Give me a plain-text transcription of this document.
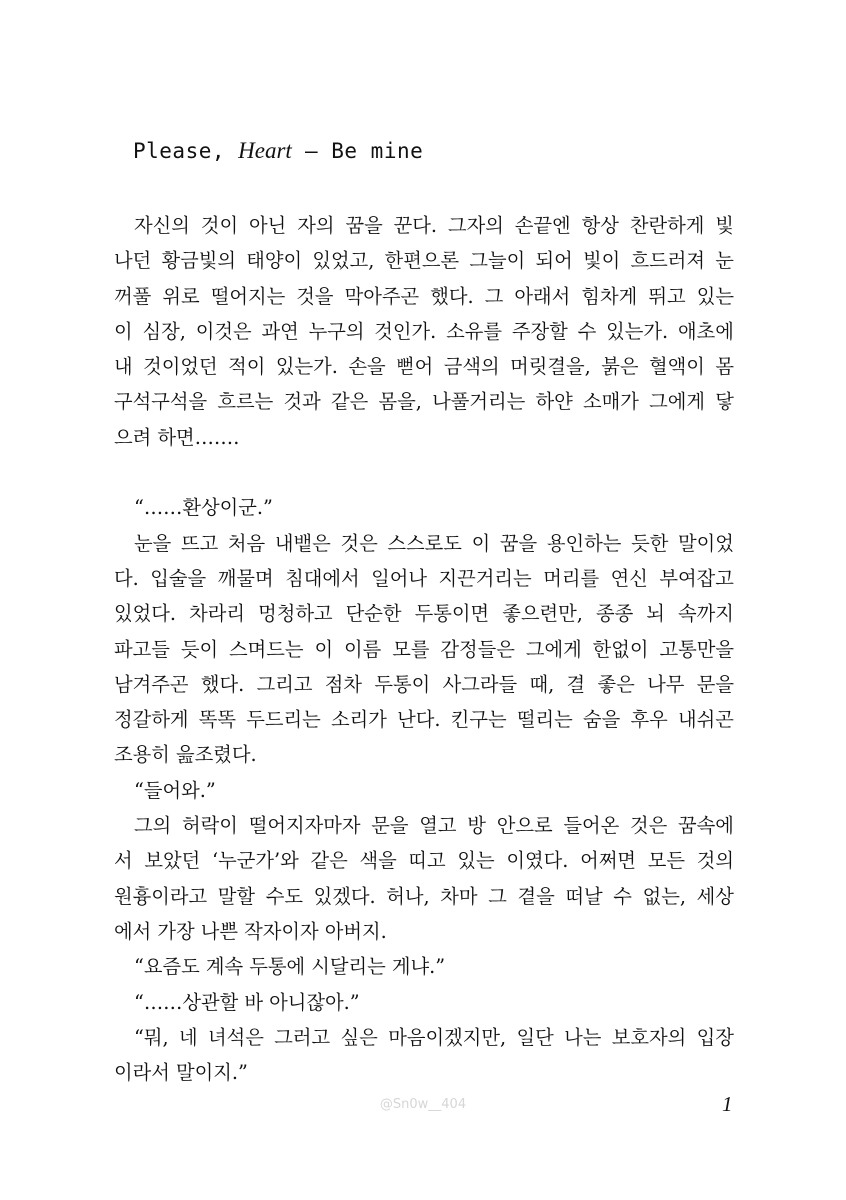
Please, Heart — Be mine
자신의 것이 아닌 자의 꿈을 꾼다. 그자의 손끝엔 항상 찬란하게 빛
나던 황금빛의 태양이 있었고, 한편으론 그늘이 되어 빛이 흐드러져 눈
꺼풀 위로 떨어지는 것을 막아주곤 했다. 그 아래서 힘차게 뛰고 있는
이 심장, 이것은 과연 누구의 것인가. 소유를 주장할 수 있는가. 애초에
내 것이었던 적이 있는가. 손을 뻗어 금색의 머릿결을, 붉은 혈액이 몸
구석구석을 흐르는 것과 같은 몸을, 나풀거리는 하얀 소매가 그에게 닿
으려 하면…….
“……환상이군.”
눈을 뜨고 처음 내뱉은 것은 스스로도 이 꿈을 용인하는 듯한 말이었
다. 입술을 깨물며 침대에서 일어나 지끈거리는 머리를 연신 부여잡고
있었다. 차라리 멍청하고 단순한 두통이면 좋으련만, 종종 뇌 속까지
파고들 듯이 스며드는 이 이름 모를 감정들은 그에게 한없이 고통만을
남겨주곤 했다. 그리고 점차 두통이 사그라들 때, 결 좋은 나무 문을
정갈하게 똑똑 두드리는 소리가 난다. 킨구는 떨리는 숨을 후우 내쉬곤
조용히 읊조렸다.
“들어와.”
그의 허락이 떨어지자마자 문을 열고 방 안으로 들어온 것은 꿈속에
서 보았던 ‘누군가’와 같은 색을 띠고 있는 이였다. 어쩌면 모든 것의
원흉이라고 말할 수도 있겠다. 허나, 차마 그 곁을 떠날 수 없는, 세상
에서 가장 나쁜 작자이자 아버지.
“요즘도 계속 두통에 시달리는 게냐.”
“……상관할 바 아니잖아.”
“뭐, 네 녀석은 그러고 싶은 마음이겠지만, 일단 나는 보호자의 입장
이라서 말이지.”
@Sn0w__404	1
